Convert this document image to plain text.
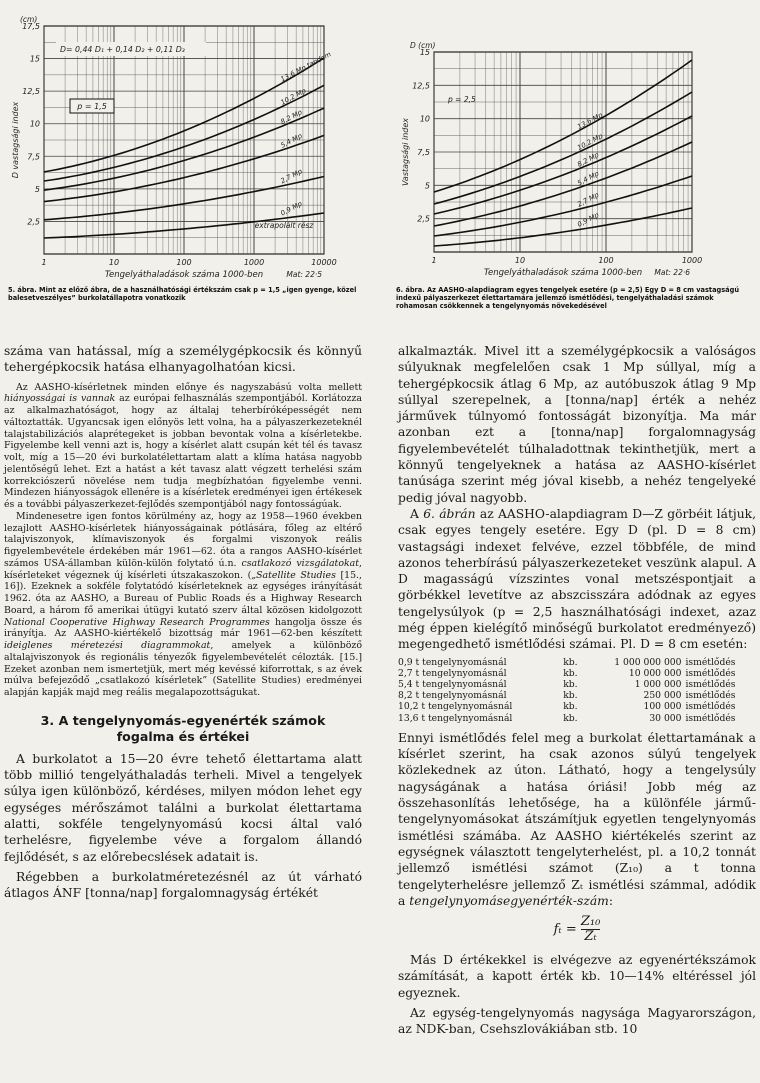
13,6 Mp tandem
10,2 Mp
8,2 Mp
5,4 Mp
2,7 Mp
0,9 Mp
17,5
15
12,5
10
7,5
5
2,5
1	10	100	1000	10000
(cm)
D vastagsági index
Tengelyáthaladások száma 1000-ben	Mat: 22·5
p = 1,5
D= 0,44 D₁ + 0,14 D₂ + 0,11 D₃
extrapolált rész
5. ábra. Mint az előző ábra, de a használhatósági értékszám csak p = 1,5 „igen gyenge, közel balesetveszélyes” burkolatállapotra vonatkozik
13,6 Mp
10,2 Mp
8,2 Mp
5,4 Mp
2,7 Mp
0,9 Mp
15
12,5
10
7,5
5
2,5
1	10	100	1000
D (cm)
Vastagsági index
Tengelyáthaladások száma 1000-ben Mat: 22·6
p = 2,5
6. ábra. Az AASHO-alapdiagram egyes tengelyek esetére (p = 2,5) Egy D = 8 cm vastagságú indexű pályaszerkezet élettartamára jellemző ismétlődési, tengelyáthaladási számok rohamosan csökkennek a tengelynyomás növekedésével

száma van hatással, míg a személygépkocsik és könnyű tehergépkocsik hatása elhanyagolhatóan kicsi.

Az AASHO-kísérletnek minden előnye és nagyszabású volta mellett hiányosságai is vannak az európai felhasználás szempontjából. Korlátozza az alkalmazhatóságot, hogy az általaj teherbíróképességét nem változtatták. Ugyancsak igen előnyös lett volna, ha a pályaszerkezeteknél talajstabilizációs alaprétegeket is jobban bevontak volna a kísérletekbe. Figyelembe kell venni azt is, hogy a kísérlet alatt csupán két tél és tavasz volt, míg a 15—20 évi burkolatélettartam alatt a klíma hatása nagyobb jelentőségű lehet. Ezt a hatást a két tavasz alatt végzett terhelési szám korrekciószerű növelése nem tudja megbízhatóan figyelembe venni. Mindezen hiányosságok ellenére is a kísérletek eredményei igen értékesek és a további pályaszerkezet-fejlődés szempontjából nagy fontosságúak.

Mindenesetre igen fontos körülmény az, hogy az 1958—1960 években lezajlott AASHO-kísérletek hiányosságainak pótlására, főleg az eltérő talajviszonyok, klímaviszonyok és forgalmi viszonyok reális figyelembevétele érdekében már 1961—62. óta a rangos AASHO-kísérlet számos USA-államban külön-külön folytató ú.n. csatlakozó vizsgálatokat, kísérleteket végeznek új kísérleti útszakaszokon. („Satellite Studies [15., 16]). Ezeknek a sokféle folytatódó kísérleteknek az egységes irányítását 1962. óta az AASHO, a Bureau of Public Roads és a Highway Research Board, a három fő amerikai útügyi kutató szerv által közösen kidolgozott National Cooperative Highway Research Programmes hangolja össze és irányítja. Az AASHO-kiértékelő bizottság már 1961—62-ben készített ideiglenes méretezési diagrammokat, amelyek a különböző altalajviszonyok és regionális tényezők figyelembevételét célozták. [15.] Ezeket azonban nem ismertetjük, mert még kevéssé kiforrottak, s az évek múlva befejeződő „csatlakozó kísérletek” (Satellite Studies) eredményei alapján kapják majd meg reális megalapozottságukat.

3. A tengelynyomás-egyenérték számok fogalma és értékei

A burkolatot a 15—20 évre tehető élettartama alatt több millió tengelyáthaladás terheli. Mivel a tengelyek súlya igen különböző, kérdéses, milyen módon lehet egy egységes mérőszámot találni a burkolat élettartama alatti, sokféle tengelynyomású kocsi által való terhelésre, figyelembe véve a forgalom állandó fejlődését, s az előrebecslések adatait is.

Régebben a burkolatméretezésnél az út várható átlagos ÁNF [tonna/nap] forgalomnagyság értékét

alkalmazták. Mivel itt a személygépkocsik a valóságos súlyuknak megfelelően csak 1 Mp súllyal, míg a tehergépkocsik átlag 6 Mp, az autóbuszok átlag 9 Mp súllyal szerepelnek, a [tonna/nap] érték a nehéz járművek túlnyomó fontosságát bizonyítja. Ma már azonban ezt a [tonna/nap] forgalomnagyság figyelembevételét túlhaladottnak tekinthetjük, mert a könnyű tengelyeknek a hatása az AASHO-kísérlet tanúsága szerint még jóval kisebb, a nehéz tengelyeké pedig jóval nagyobb.

A 6. ábrán az AASHO-alapdiagram D—Z görbéit látjuk, csak egyes tengely esetére. Egy D (pl. D = 8 cm) vastagsági indexet felvéve, ezzel többféle, de mind azonos teherbírású pályaszerkezeteket veszünk alapul. A D magasságú vízszintes vonal metszéspontjait a görbékkel levetítve az abszcisszára adódnak az egyes tengelysúlyok (p = 2,5 használhatósági indexet, azaz még éppen kielégítő minőségű burkolatot eredményező) megengedhető ismétlődési számai. Pl. D = 8 cm esetén:

0,9 t tengelynyomásnál	kb.	1 000 000 000	ismétlődés
2,7 t tengelynyomásnál	kb.	10 000 000	ismétlődés
5,4 t tengelynyomásnál	kb.	1 000 000	ismétlődés
8,2 t tengelynyomásnál	kb.	250 000	ismétlődés
10,2 t tengelynyomásnál	kb.	100 000	ismétlődés
13,6 t tengelynyomásnál	kb.	30 000	ismétlődés

Ennyi ismétlődés felel meg a burkolat élettartamának a kísérlet szerint, ha csak azonos súlyú tengelyek közlekednek az úton. Látható, hogy a tengelysúly nagyságának a hatása óriási! Jobb még az összehasonlítás lehetősége, ha a különféle jármű-tengelynyomásokat átszámítjuk egyetlen tengelynyomás ismétlési számába. Az AASHO kiértékelés szerint az egységnek választott tengelyterhelést, pl. a 10,2 tonnát jellemző ismétlési számot (Z₁₀) a t tonna tengelyterhelésre jellemző Zₜ ismétlési számmal, adódik a tengelynyomásegyenérték-szám:

$f_t = \frac{\text{Z₁₀}}{\text{Zₜ}}$

Más D értékekkel is elvégezve az egyenértékszámok számítását, a kapott érték kb. 10—14% eltéréssel jól egyeznek.

Az egység-tengelynyomás nagysága Magyarországon, az NDK-ban, Csehszlovákiában stb. 10
